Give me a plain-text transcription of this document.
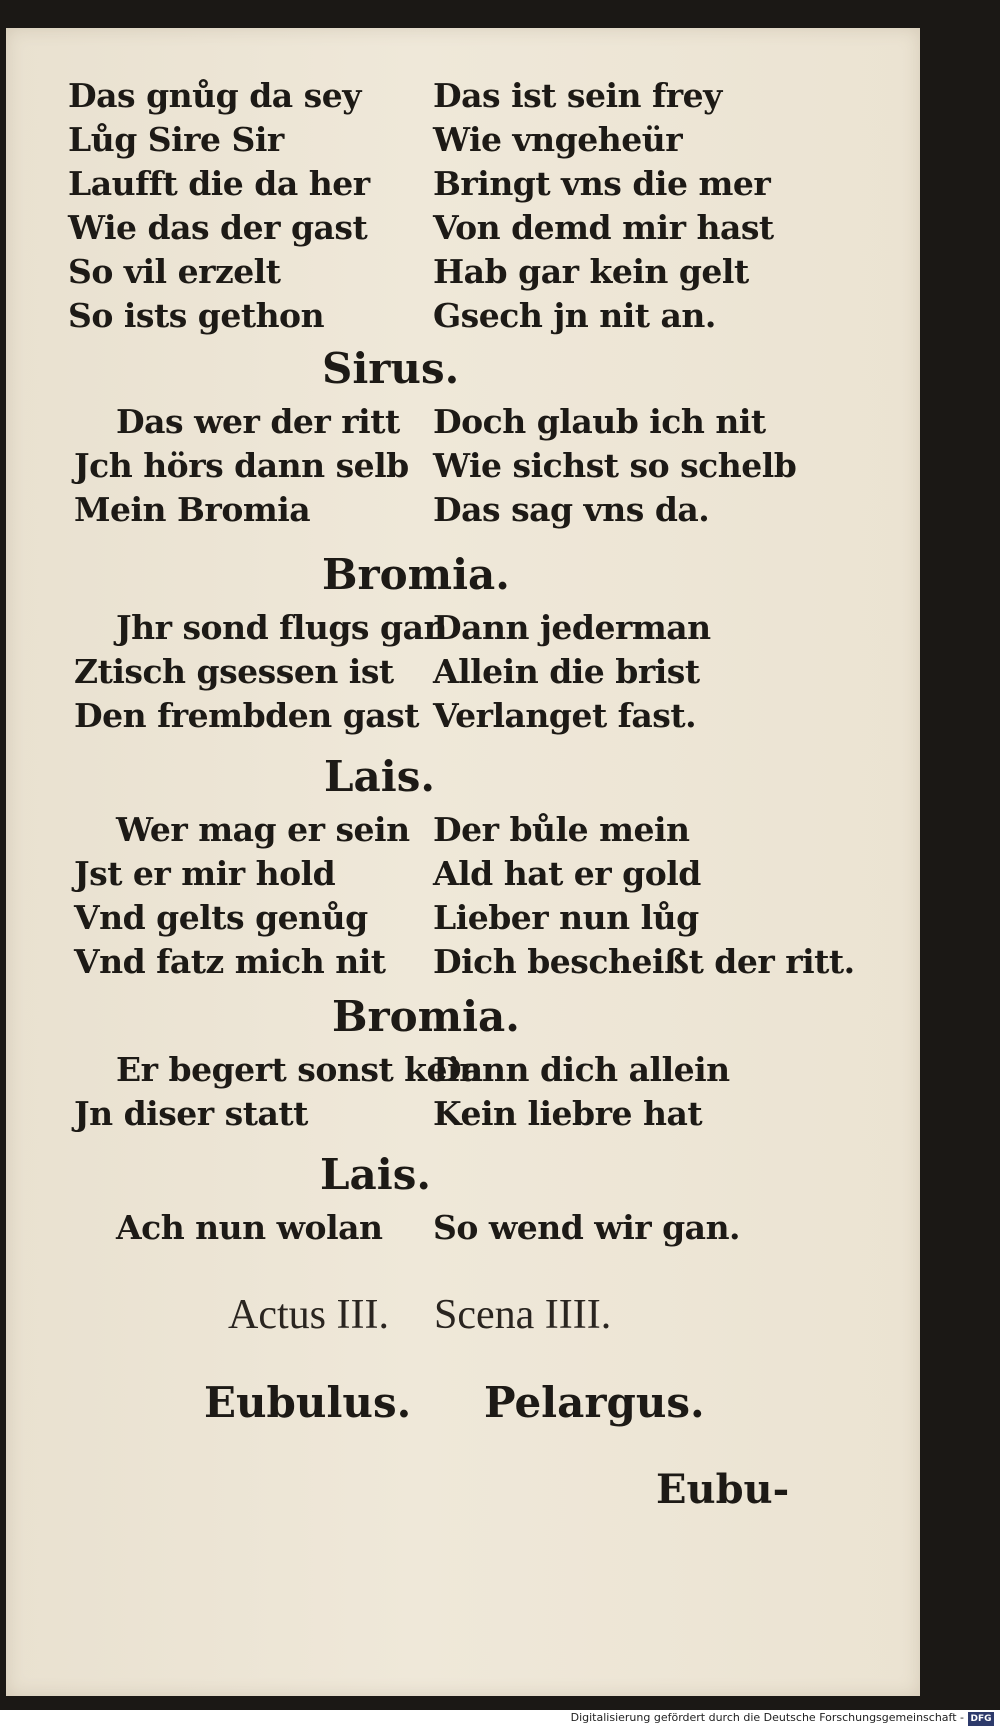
Das gnůg da sey
Lůg Sire Sir
Laufft die da her
Wie das der gast
So vil erzelt
So ists gethon
Das ist sein frey
Wie vngeheür
Bringt vns die mer
Von demd mir hast
Hab gar kein gelt
Gsech jn nit an.
Sirus.
Das wer der ritt
Jch hörs dann selb
Mein Bromia
Doch glaub ich nit
Wie sichst so schelb
Das sag vns da.
Bromia.
Jhr sond flugs gan
Ztisch gsessen ist
Den frembden gast
Dann jederman
Allein die brist
Verlanget fast.
Lais.
Wer mag er sein
Jst er mir hold
Vnd gelts genůg
Vnd fatz mich nit
Der bůle mein
Ald hat er gold
Lieber nun lůg
Dich bescheißt der ritt.
Bromia.
Er begert sonst kein
Jn diser statt
Dann dich allein
Kein liebre hat
Lais.
Ach nun wolan So wend wir gan.
Actus III. Scena IIII.
Eubulus. Pelargus.
Eubu-
Digitalisierung gefördert durch die Deutsche Forschungsgemeinschaft - DFG
